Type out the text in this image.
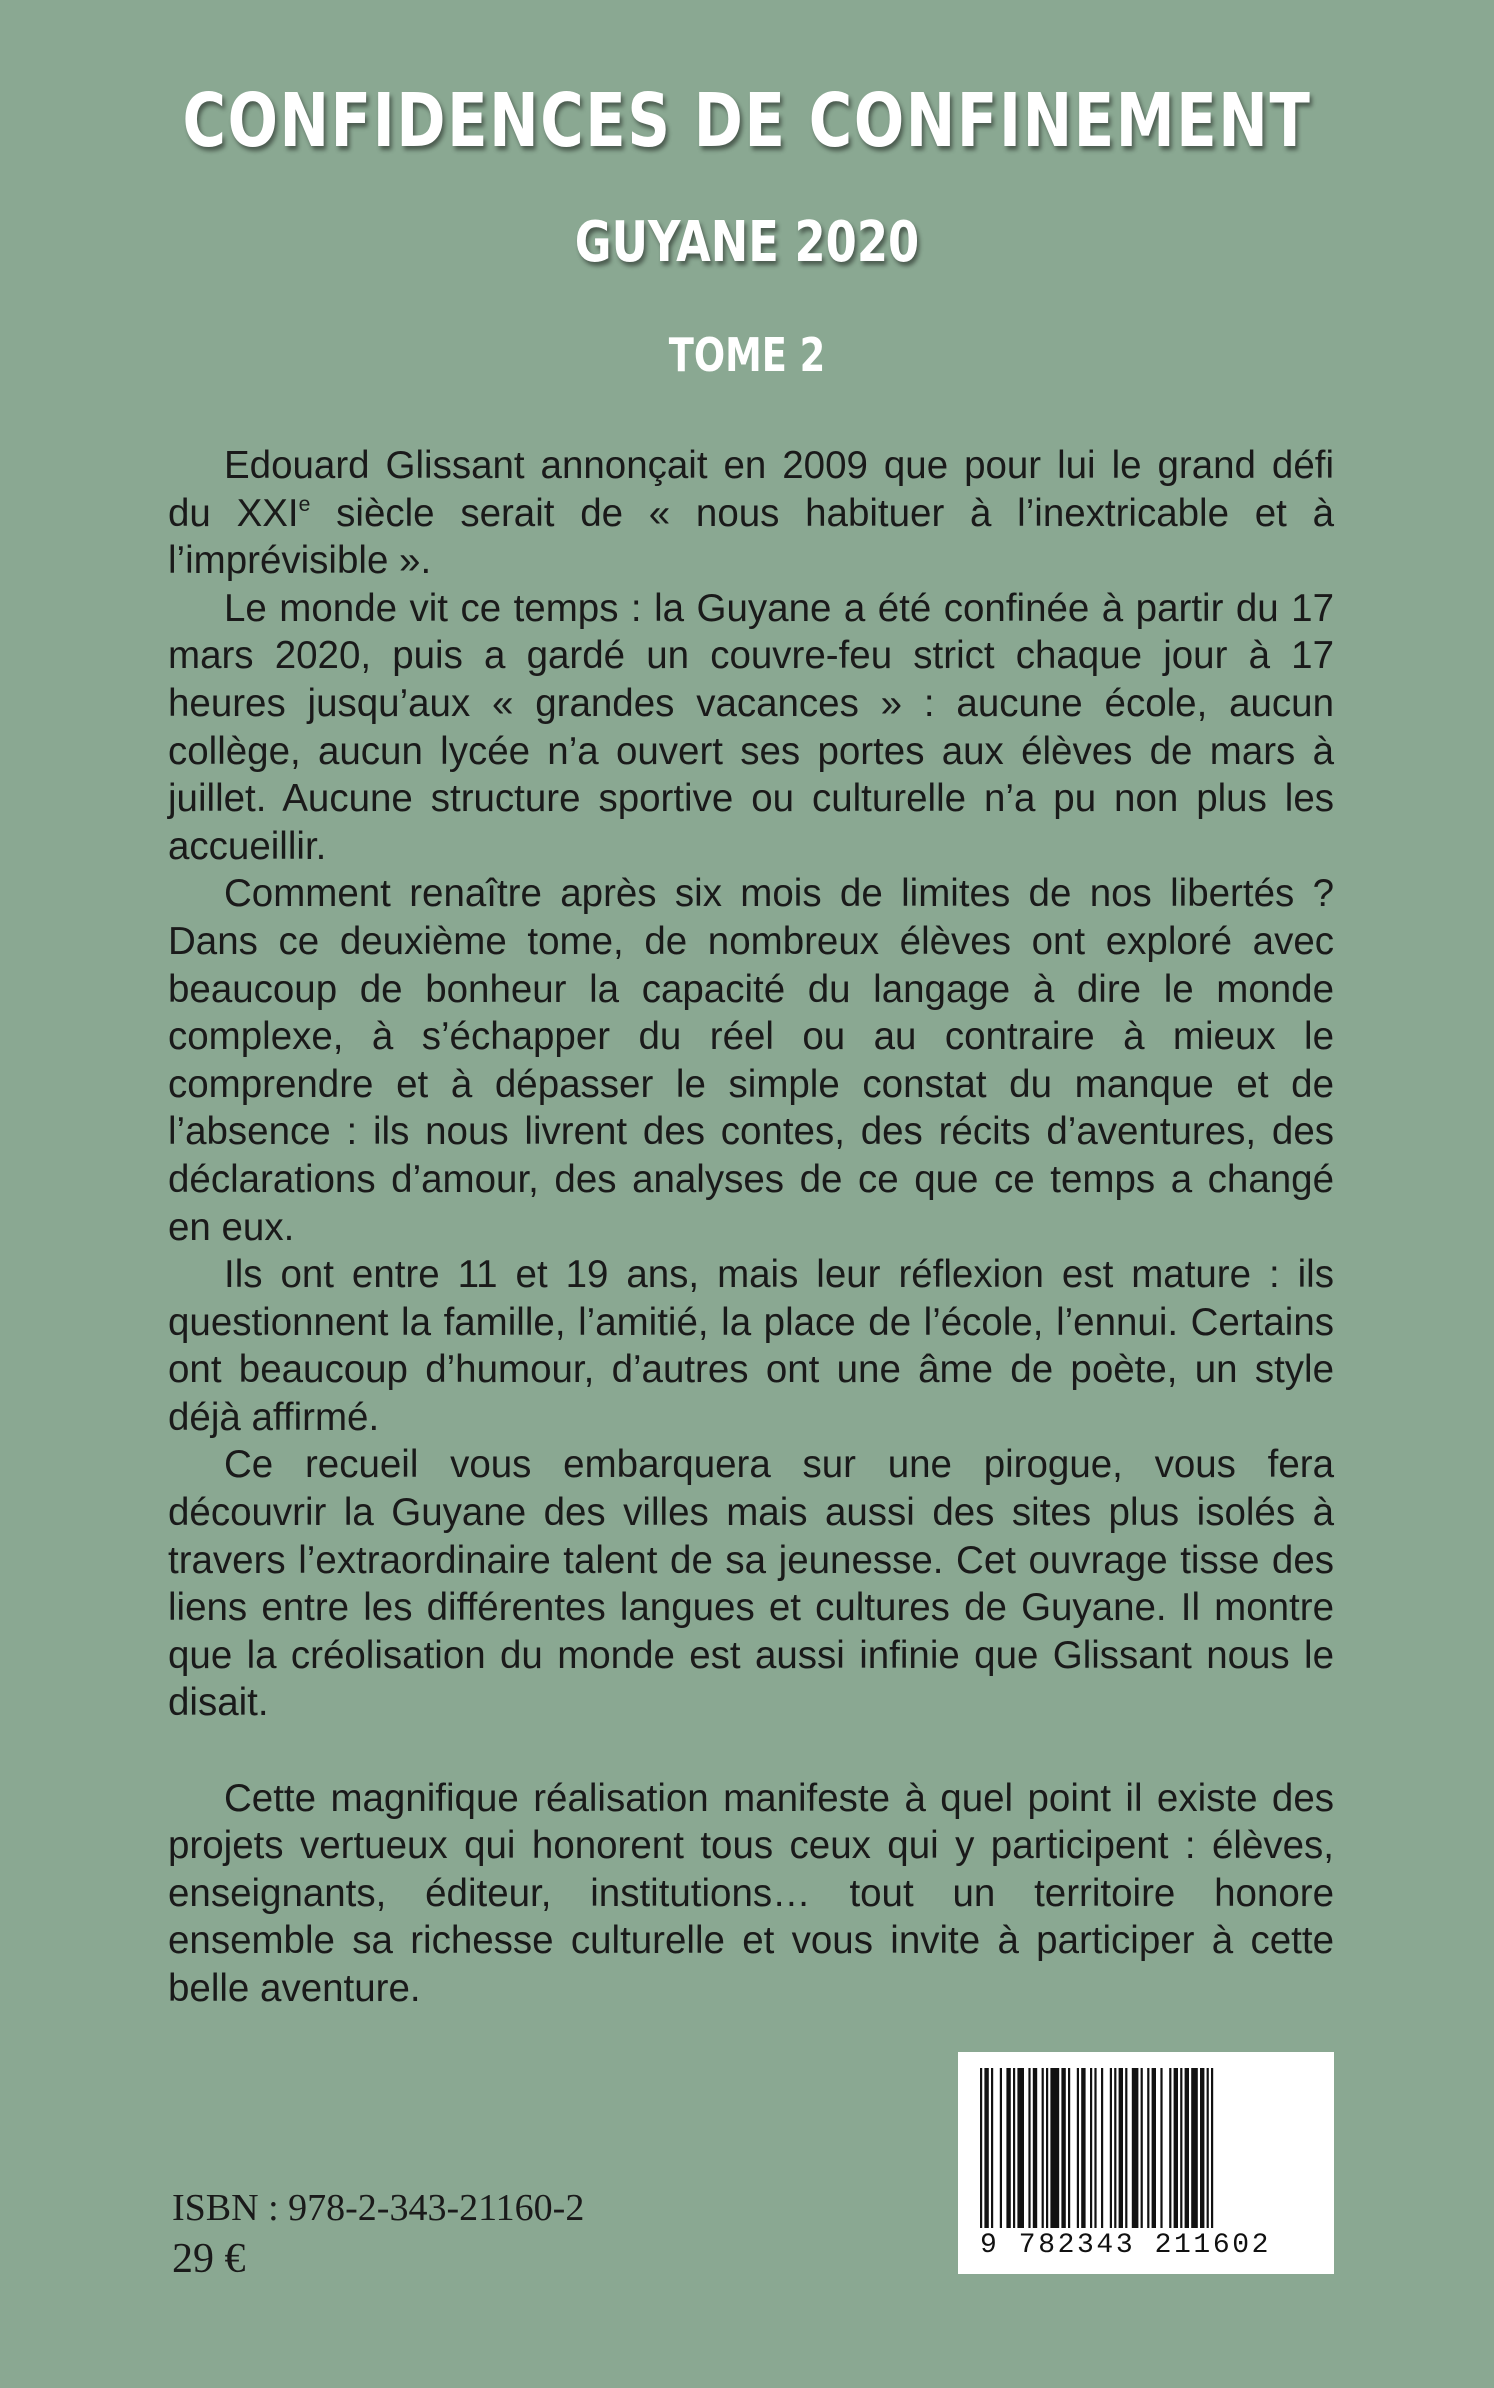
CONFIDENCES DE CONFINEMENT
GUYANE 2020
TOME 2

Edouard Glissant annonçait en 2009 que pour lui le grand défi du XXIe siècle serait de « nous habituer à l’inextricable et à l’imprévisible ».

Le monde vit ce temps : la Guyane a été confinée à partir du 17 mars 2020, puis a gardé un couvre-feu strict chaque jour à 17 heures jusqu’aux « grandes vacances » : aucune école, aucun collège, aucun lycée n’a ouvert ses portes aux élèves de mars à juillet. Aucune structure sportive ou culturelle n’a pu non plus les accueillir.

Comment renaître après six mois de limites de nos libertés ? Dans ce deuxième tome, de nombreux élèves ont exploré avec beaucoup de bonheur la capacité du langage à dire le monde complexe, à s’échapper du réel ou au contraire à mieux le comprendre et à dépasser le simple constat du manque et de l’absence : ils nous livrent des contes, des récits d’aventures, des déclarations d’amour, des analyses de ce que ce temps a changé en eux.

Ils ont entre 11 et 19 ans, mais leur réflexion est mature : ils questionnent la famille, l’amitié, la place de l’école, l’ennui. Certains ont beaucoup d’humour, d’autres ont une âme de poète, un style déjà affirmé.

Ce recueil vous embarquera sur une pirogue, vous fera découvrir la Guyane des villes mais aussi des sites plus isolés à travers l’extraordinaire talent de sa jeunesse. Cet ouvrage tisse des liens entre les différentes langues et cultures de Guyane. Il montre que la créolisation du monde est aussi infinie que Glissant nous le disait.

Cette magnifique réalisation manifeste à quel point il existe des projets vertueux qui honorent tous ceux qui y participent : élèves, enseignants, éditeur, institutions… tout un territoire honore ensemble sa richesse culturelle et vous invite à participer à cette belle aventure.

9 782343 211602
ISBN : 978-2-343-21160-2
29 €
